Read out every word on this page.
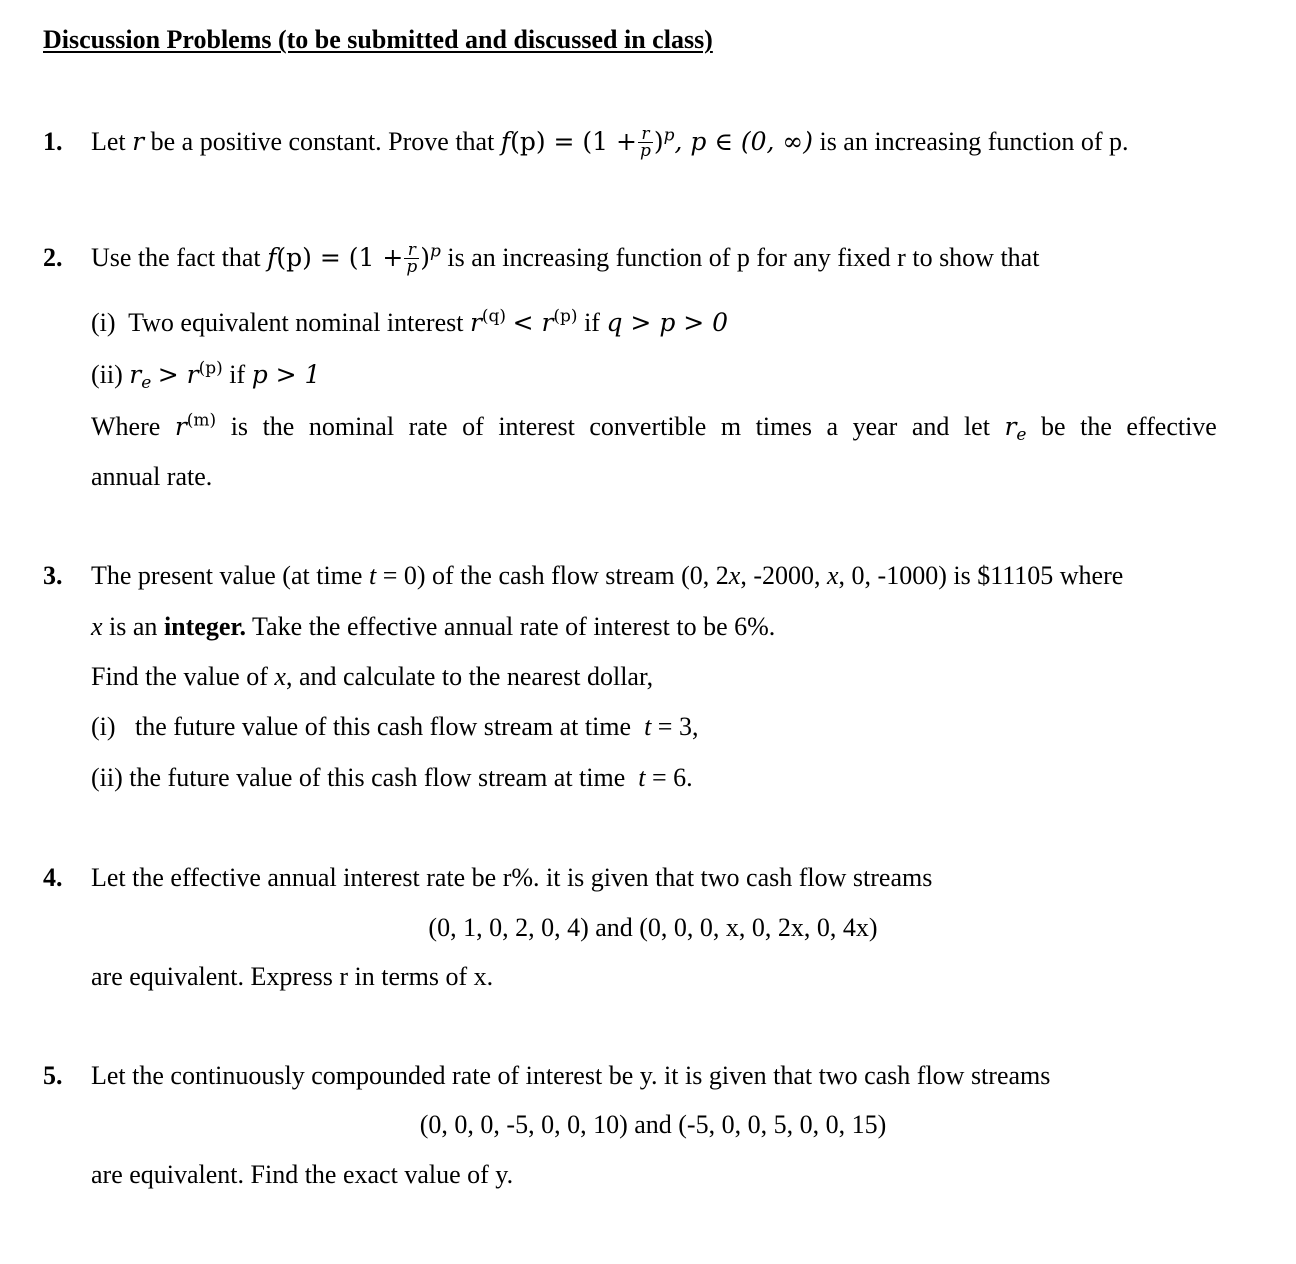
Discussion Problems (to be submitted and discussed in class)
1. Let r be a positive constant. Prove that $f(p) = (1 + \frac{r}{p} )^p$, p ∈ (0, ∞) is an increasing function of p.
2. Use the fact that $f(p) = (1 + \frac{r}{p} )^p$ is an increasing function of p for any fixed r to show that
(i) Two equivalent nominal interest $r^{(q)} < r^{(p)}$ if q > p > 0
(ii) $r_e > r^{(p)}$ if p > 1
Where $r^{(m)}$ is the nominal rate of interest convertible m times a year and let $r_e$ be the effective
annual rate.
3. The present value (at time t = 0) of the cash flow stream (0, 2x, -2000, x, 0, -1000) is $11105 where
x is an integer. Take the effective annual rate of interest to be 6%.
Find the value of x, and calculate to the nearest dollar,
(i) the future value of this cash flow stream at time t = 3,
(ii) the future value of this cash flow stream at time t = 6.
4. Let the effective annual interest rate be r%. it is given that two cash flow streams
(0, 1, 0, 2, 0, 4) and (0, 0, 0, x, 0, 2x, 0, 4x)
are equivalent. Express r in terms of x.
5. Let the continuously compounded rate of interest be y. it is given that two cash flow streams
(0, 0, 0, -5, 0, 0, 10) and (-5, 0, 0, 5, 0, 0, 15)
are equivalent. Find the exact value of y.
